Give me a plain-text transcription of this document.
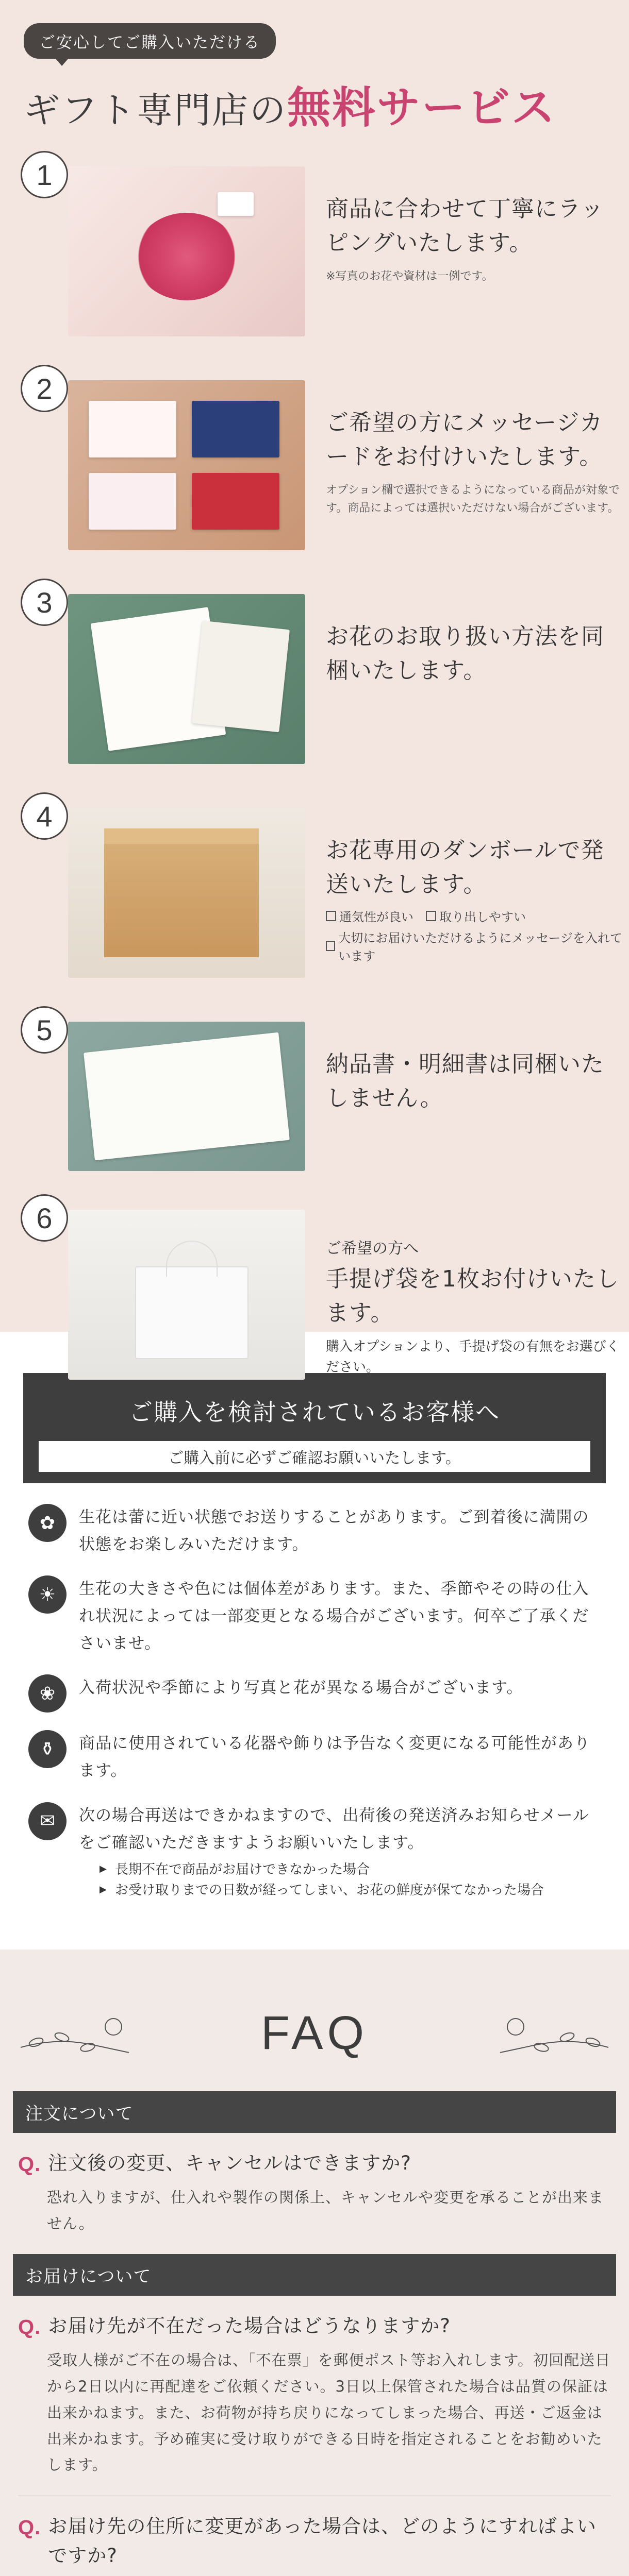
ご安心してご購入いただける
ギフト専門店の無料サービス
1
商品に合わせて丁寧にラッピングいたします。
※写真のお花や資材は一例です。
2
ご希望の方にメッセージカードをお付けいたします。
オプション欄で選択できるようになっている商品が対象です。商品によっては選択いただけない場合がございます。
3
お花のお取り扱い方法を同梱いたします。
4
お花専用のダンボールで発送いたします。
通気性が良い 取り出しやすい
大切にお届けいただけるようにメッセージを入れています
5
納品書・明細書は同梱いたしません。
6
ご希望の方へ
手提げ袋を1枚お付けいたします。
購入オプションより、手提げ袋の有無をお選びください。
ご購入を検討されているお客様へ
ご購入前に必ずご確認お願いいたします。
✿	生花は蕾に近い状態でお送りすることがあります。ご到着後に満開の状態をお楽しみいただけます。
☀	生花の大きさや色には個体差があります。また、季節やその時の仕入れ状況によっては一部変更となる場合がございます。何卒ご了承くださいませ。
❀	入荷状況や季節により写真と花が異なる場合がございます。
⚱	商品に使用されている花器や飾りは予告なく変更になる可能性があります。
✉	次の場合再送はできかねますので、出荷後の発送済みお知らせメールをご確認いただきますようお願いいたします。
▶ 長期不在で商品がお届けできなかった場合
▶ お受け取りまでの日数が経ってしまい、お花の鮮度が保てなかった場合
FAQ
注文について
Q. 注文後の変更、キャンセルはできますか?
恐れ入りますが、仕入れや製作の関係上、キャンセルや変更を承ることが出来ません。
お届けについて
Q. お届け先が不在だった場合はどうなりますか?
受取人様がご不在の場合は、「不在票」を郵便ポスト等お入れします。初回配送日から2日以内に再配達をご依頼ください。3日以上保管された場合は品質の保証は出来かねます。また、お荷物が持ち戻りになってしまった場合、再送・ご返金は出来かねます。予め確実に受け取りができる日時を指定されることをお勧めいたします。
Q. お届け先の住所に変更があった場合は、どのようにすればよいですか?
